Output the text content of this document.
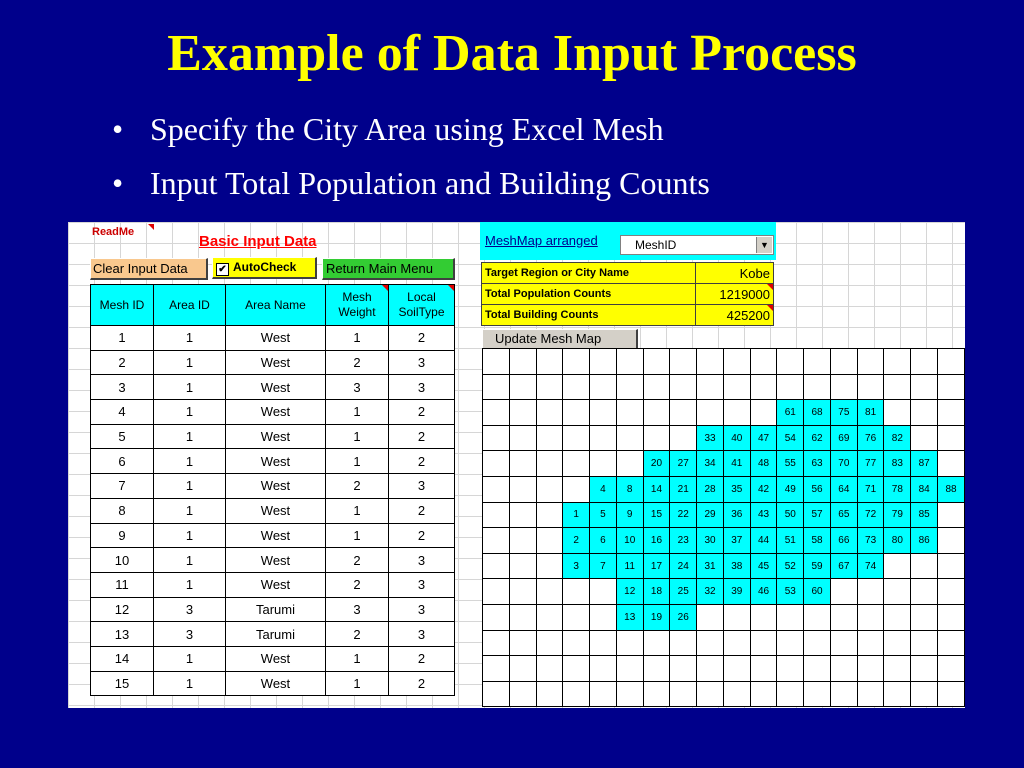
Example of Data Input Process
• Specify the City Area using Excel Mesh
• Input Total Population and Building Counts
ReadMe
Basic Input Data
Clear Input Data	✔ AutoCheck	Return Main Menu
Mesh ID	Area ID	Area Name	Mesh Weight	Local SoilType
1	1	West	1	2
2	1	West	2	3
3	1	West	3	3
4	1	West	1	2
5	1	West	1	2
6	1	West	1	2
7	1	West	2	3
8	1	West	1	2
9	1	West	1	2
10	1	West	2	3
11	1	West	2	3
12	3	Tarumi	3	3
13	3	Tarumi	2	3
14	1	West	1	2
15	1	West	1	2
MeshMap arranged	MeshID	▼
Target Region or City Name	Kobe
Total Population Counts	1219000

Total Building Counts	425200
Update Mesh Map

											61	68	75	81			
								33	40	47	54	62	69	76	82		
						20	27	34	41	48	55	63	70	77	83	87	
				4	8	14	21	28	35	42	49	56	64	71	78	84	88
			1	5	9	15	22	29	36	43	50	57	65	72	79	85	
			2	6	10	16	23	30	37	44	51	58	66	73	80	86	
			3	7	11	17	24	31	38	45	52	59	67	74			
					12	18	25	32	39	46	53	60					
					13	19	26										
